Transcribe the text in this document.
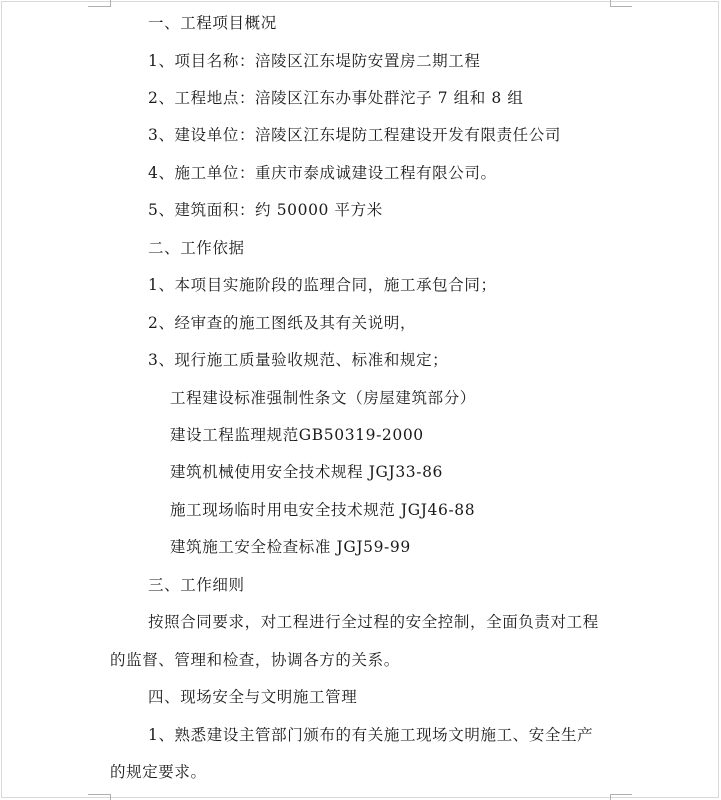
一、工程项目概况
1、项目名称：涪陵区江东堤防安置房二期工程
2、工程地点：涪陵区江东办事处群沱子 7 组和 8 组
3、建设单位：涪陵区江东堤防工程建设开发有限责任公司
4、施工单位：重庆市泰成诚建设工程有限公司。
5、建筑面积：约 50000 平方米
二、工作依据
1、本项目实施阶段的监理合同，施工承包合同；
2、经审查的施工图纸及其有关说明，
3、现行施工质量验收规范、标准和规定；
工程建设标准强制性条文（房屋建筑部分）
建设工程监理规范GB50319-2000
建筑机械使用安全技术规程 JGJ33-86
施工现场临时用电安全技术规范 JGJ46-88
建筑施工安全检查标准 JGJ59-99
三、工作细则
按照合同要求，对工程进行全过程的安全控制，全面负责对工程
的监督、管理和检查，协调各方的关系。
四、现场安全与文明施工管理
1、熟悉建设主管部门颁布的有关施工现场文明施工、安全生产
的规定要求。
